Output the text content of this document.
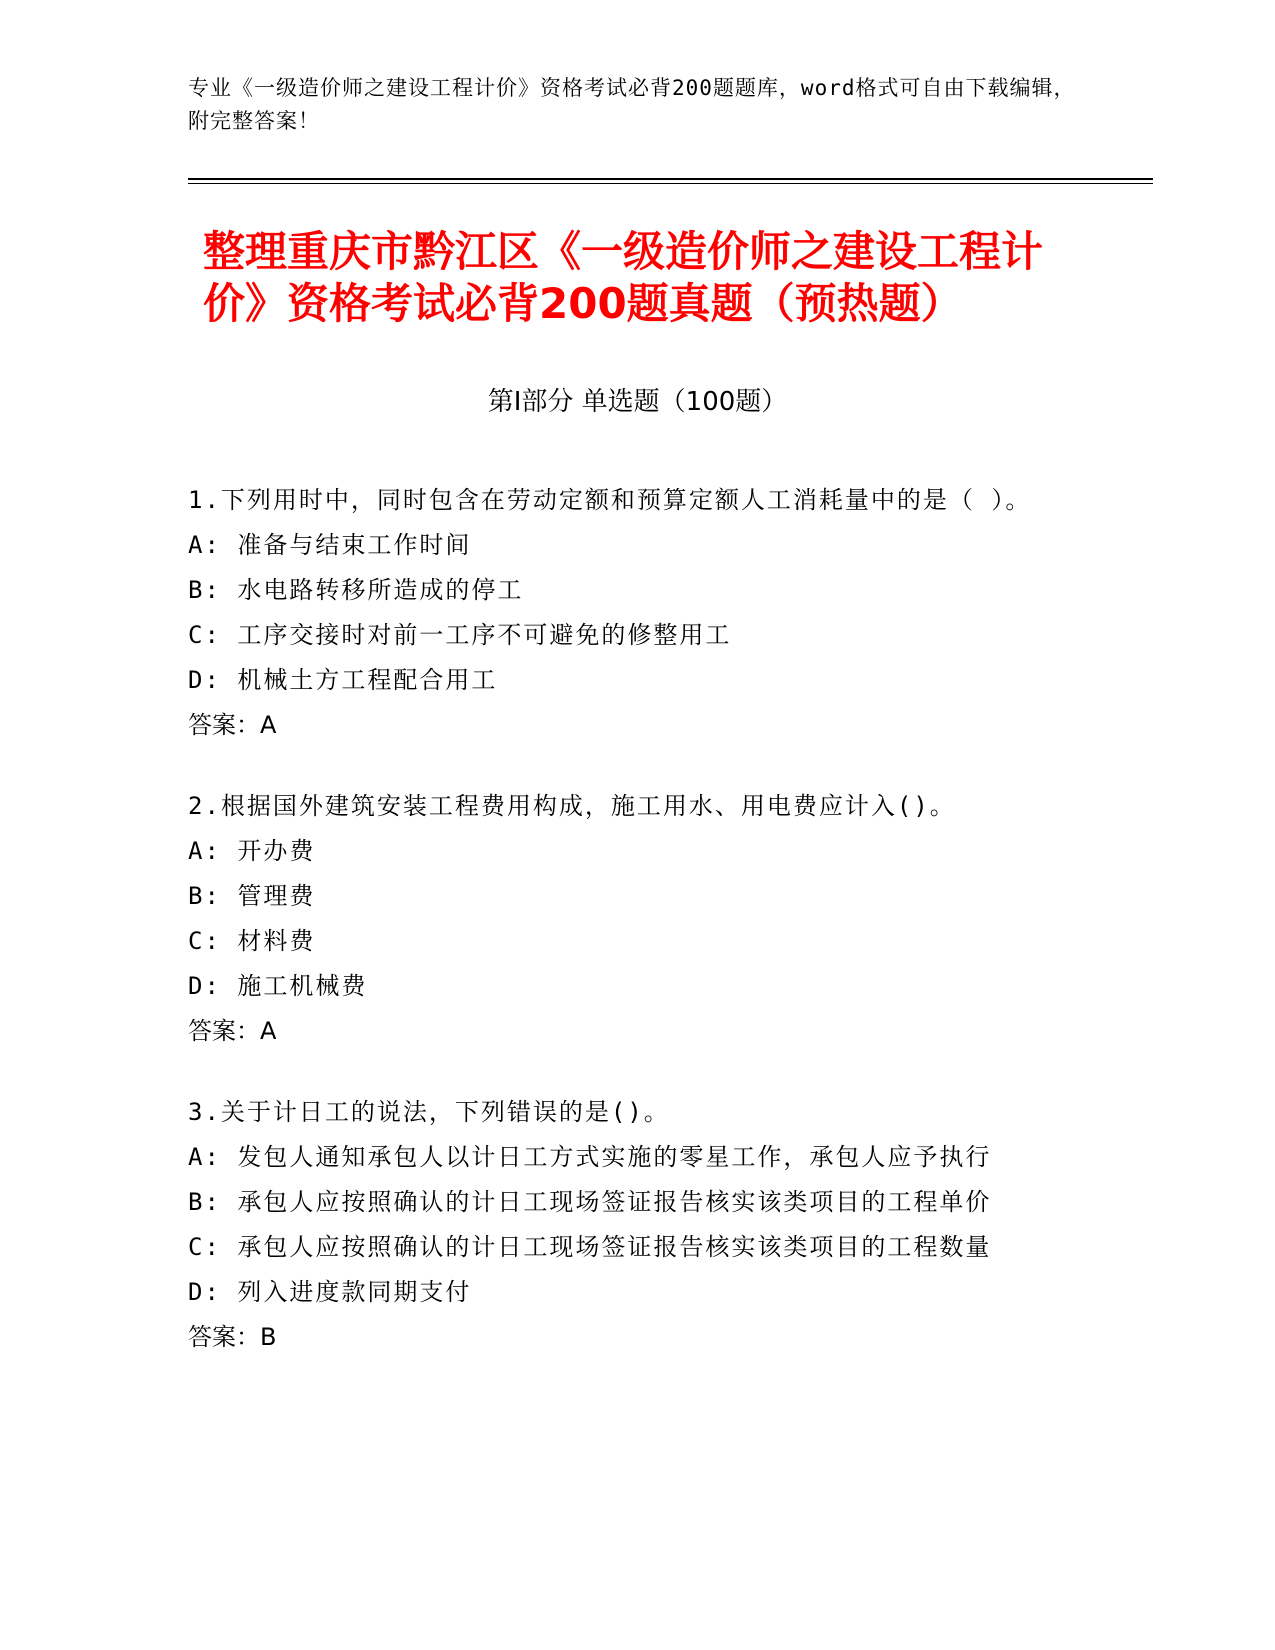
专业《一级造价师之建设工程计价》资格考试必背200题题库，word格式可自由下载编辑，附完整答案！
整理重庆市黔江区《一级造价师之建设工程计价》资格考试必背200题真题（预热题）
第Ⅰ部分 单选题（100题）
1.下列用时中，同时包含在劳动定额和预算定额人工消耗量中的是（ ）。
A: 准备与结束工作时间
B: 水电路转移所造成的停工
C: 工序交接时对前一工序不可避免的修整用工
D: 机械土方工程配合用工
答案：A
2.根据国外建筑安装工程费用构成，施工用水、用电费应计入()。
A: 开办费
B: 管理费
C: 材料费
D: 施工机械费
答案：A
3.关于计日工的说法，下列错误的是()。
A: 发包人通知承包人以计日工方式实施的零星工作，承包人应予执行
B: 承包人应按照确认的计日工现场签证报告核实该类项目的工程单价
C: 承包人应按照确认的计日工现场签证报告核实该类项目的工程数量
D: 列入进度款同期支付
答案：B
